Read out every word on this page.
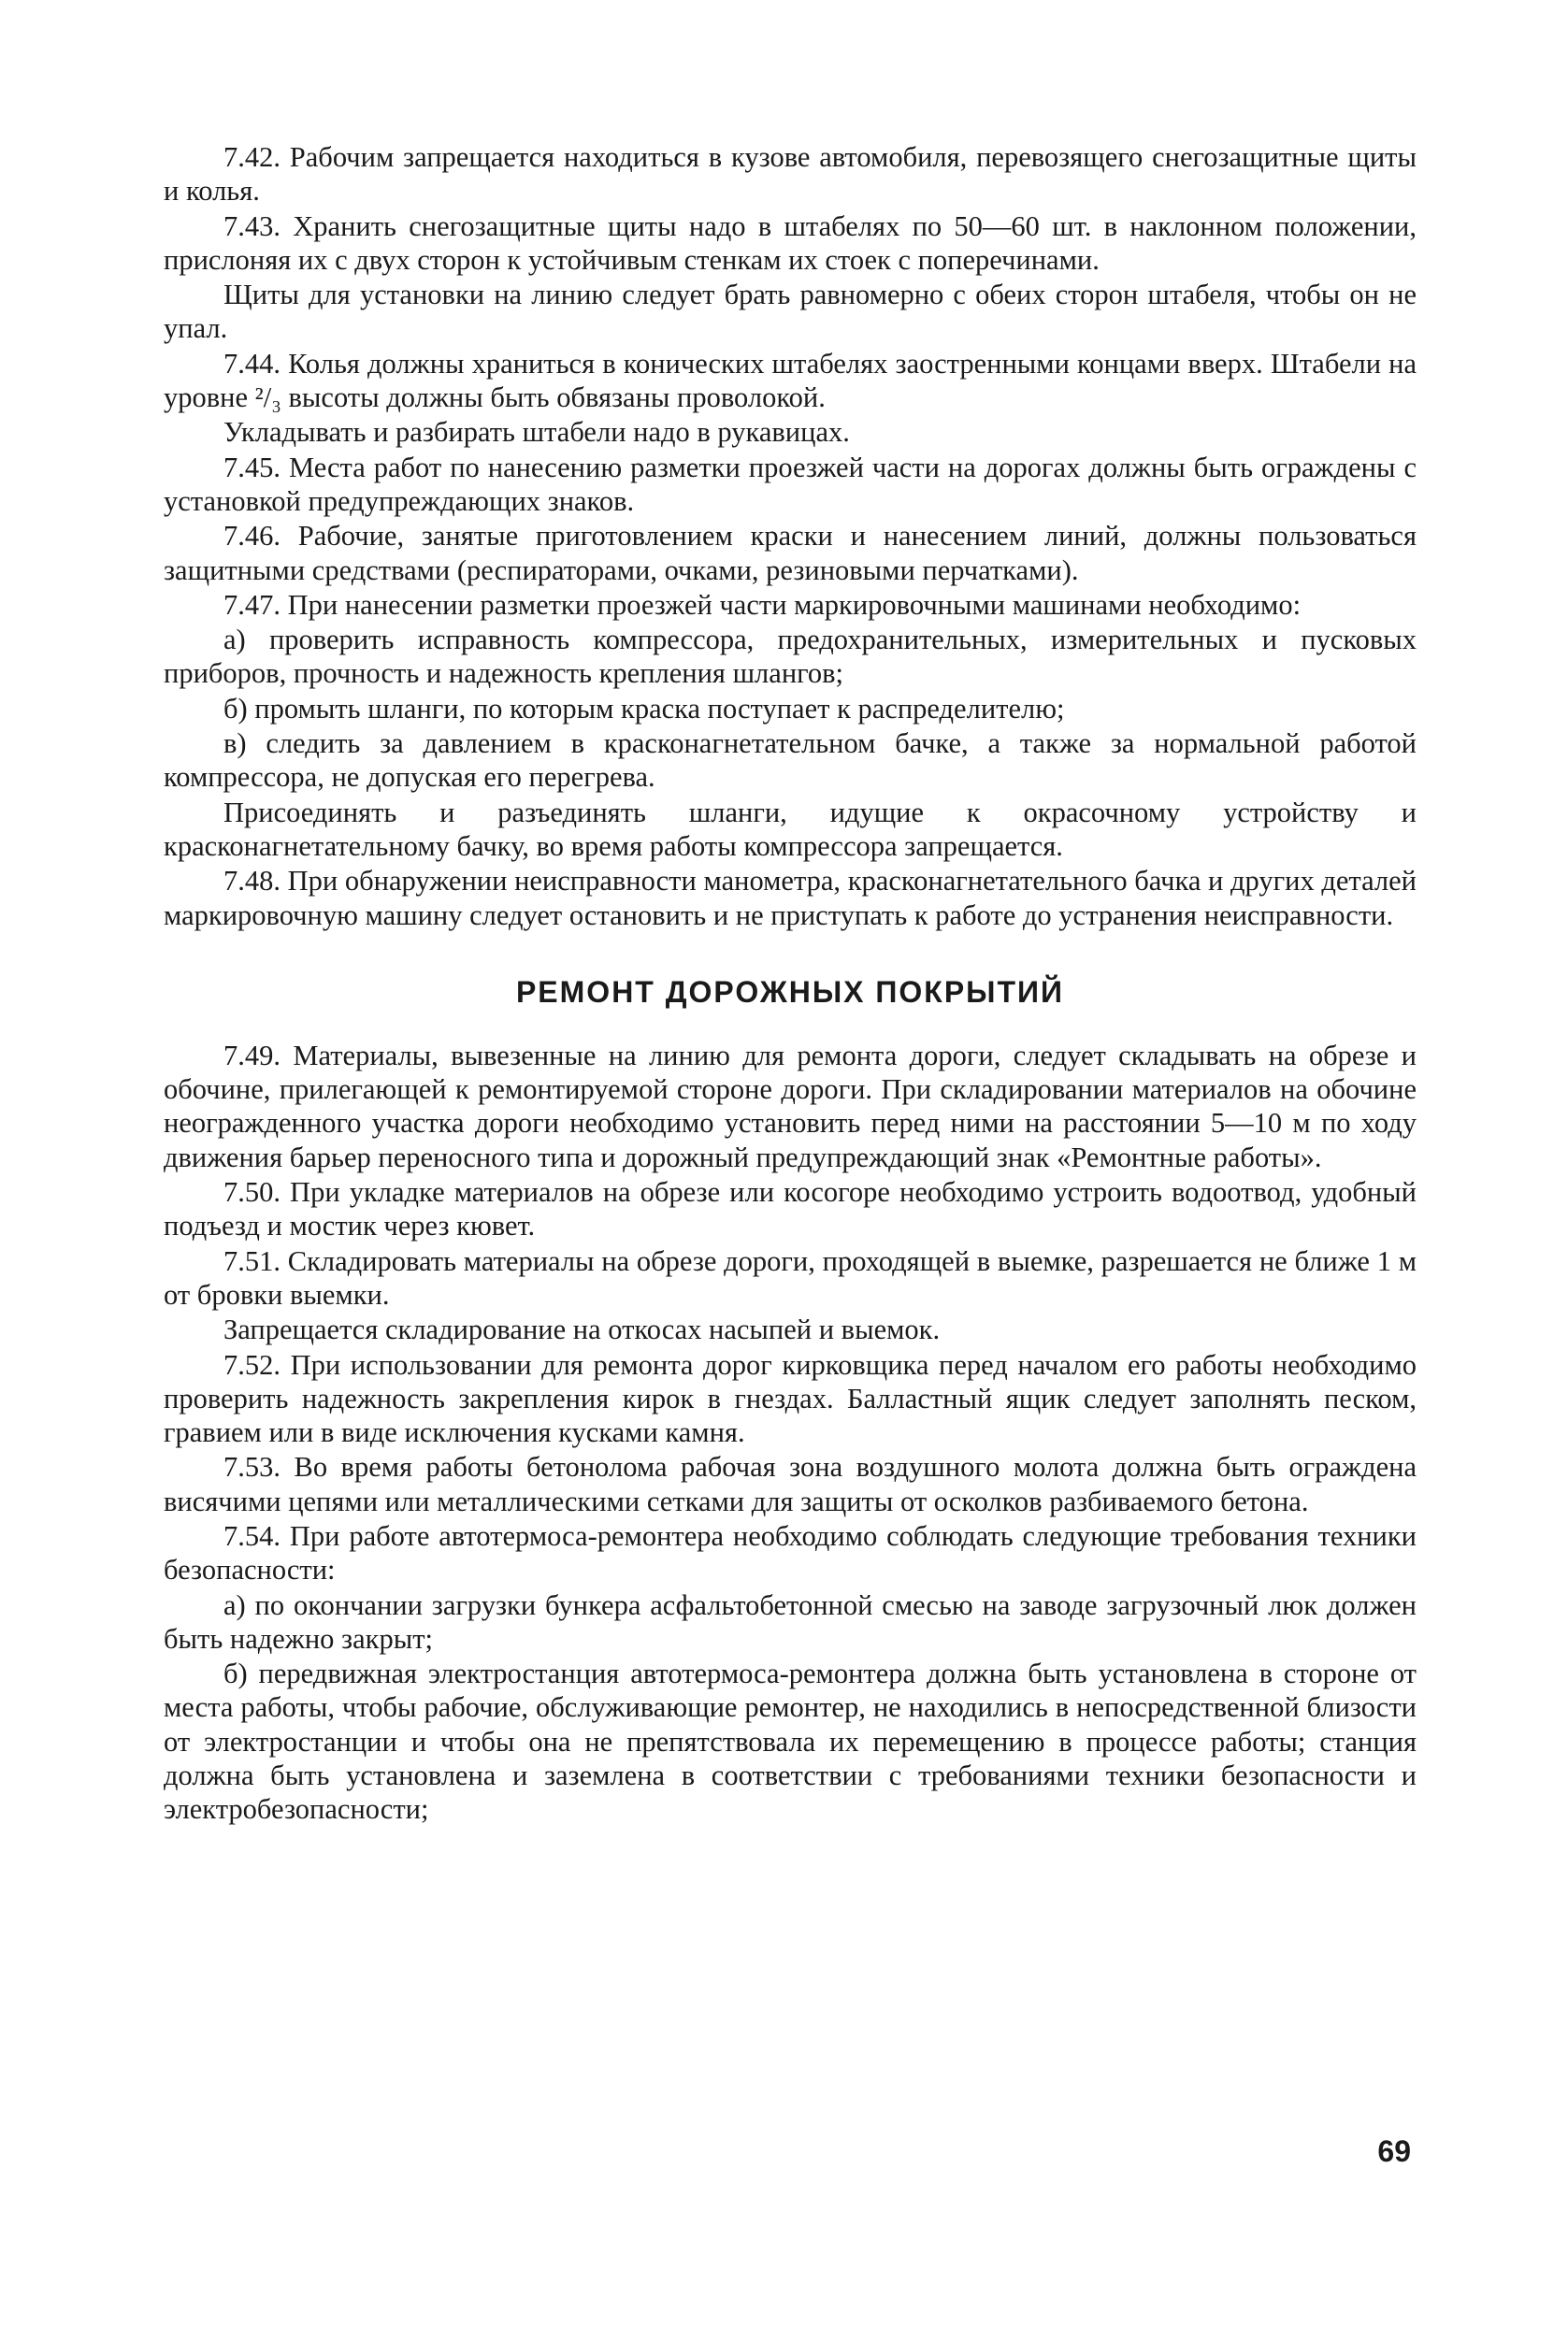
7.42. Рабочим запрещается находиться в кузове автомобиля, перевозящего снегозащитные щиты и колья.

7.43. Хранить снегозащитные щиты надо в штабелях по 50—60 шт. в наклонном положении, прислоняя их с двух сторон к устойчивым стенкам их стоек с поперечинами.

Щиты для установки на линию следует брать равномерно с обеих сторон штабеля, чтобы он не упал.

7.44. Колья должны храниться в конических штабелях заостренными концами вверх. Штабели на уровне ²/₃ высоты должны быть обвязаны проволокой.

Укладывать и разбирать штабели надо в рукавицах.

7.45. Места работ по нанесению разметки проезжей части на дорогах должны быть ограждены с установкой предупреждающих знаков.

7.46. Рабочие, занятые приготовлением краски и нанесением линий, должны пользоваться защитными средствами (респираторами, очками, резиновыми перчатками).

7.47. При нанесении разметки проезжей части маркировочными машинами необходимо:

а) проверить исправность компрессора, предохранительных, измерительных и пусковых приборов, прочность и надежность крепления шлангов;

б) промыть шланги, по которым краска поступает к распределителю;

в) следить за давлением в красконагнетательном бачке, а также за нормальной работой компрессора, не допуская его перегрева.

Присоединять и разъединять шланги, идущие к окрасочному устройству и красконагнетательному бачку, во время работы компрессора запрещается.

7.48. При обнаружении неисправности манометра, красконагнетательного бачка и других деталей маркировочную машину следует остановить и не приступать к работе до устранения неисправности.

РЕМОНТ ДОРОЖНЫХ ПОКРЫТИЙ

7.49. Материалы, вывезенные на линию для ремонта дороги, следует складывать на обрезе и обочине, прилегающей к ремонтируемой стороне дороги. При складировании материалов на обочине неогражденного участка дороги необходимо установить перед ними на расстоянии 5—10 м по ходу движения барьер переносного типа и дорожный предупреждающий знак «Ремонтные работы».

7.50. При укладке материалов на обрезе или косогоре необходимо устроить водоотвод, удобный подъезд и мостик через кювет.

7.51. Складировать материалы на обрезе дороги, проходящей в выемке, разрешается не ближе 1 м от бровки выемки.

Запрещается складирование на откосах насыпей и выемок.

7.52. При использовании для ремонта дорог кирковщика перед началом его работы необходимо проверить надежность закрепления кирок в гнездах. Балластный ящик следует заполнять песком, гравием или в виде исключения кусками камня.

7.53. Во время работы бетонолома рабочая зона воздушного молота должна быть ограждена висячими цепями или металлическими сетками для защиты от осколков разбиваемого бетона.

7.54. При работе автотермоса-ремонтера необходимо соблюдать следующие требования техники безопасности:

а) по окончании загрузки бункера асфальтобетонной смесью на заводе загрузочный люк должен быть надежно закрыт;

б) передвижная электростанция автотермоса-ремонтера должна быть установлена в стороне от места работы, чтобы рабочие, обслуживающие ремонтер, не находились в непосредственной близости от электростанции и чтобы она не препятствовала их перемещению в процессе работы; станция должна быть установлена и заземлена в соответствии с требованиями техники безопасности и электробезопасности;

69
